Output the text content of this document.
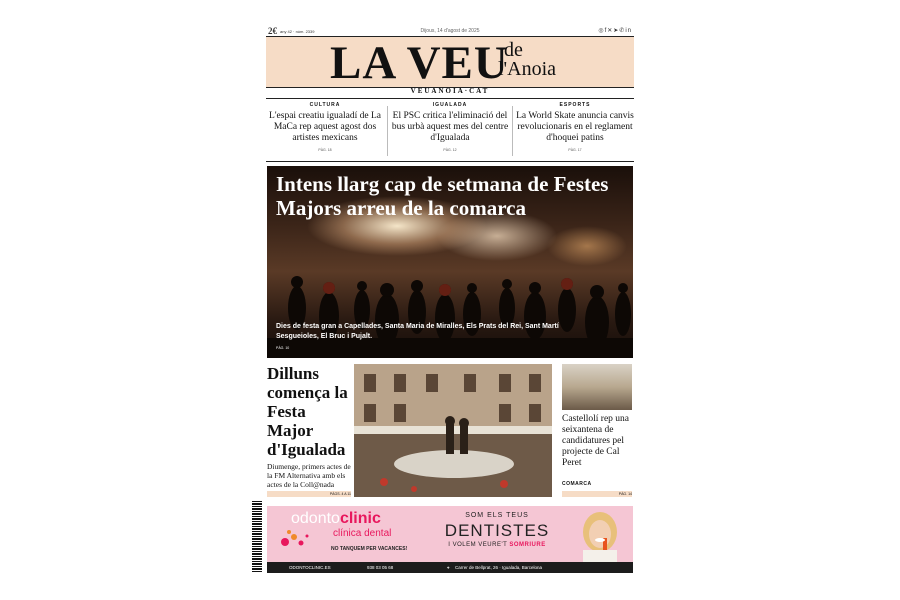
2€ any 42 · núm. 2339	Dijous, 14 d'agost de 2025	◎f✕➤✆in
LA VEU
de
l'Anoia
VEUANOIA·CAT
CULTURA
L'espai creatiu igualadí de La MaCa rep aquest agost dos artistes mexicans
PÀG. 18
IGUALADA
El PSC critica l'eliminació del bus urbà aquest mes del centre d'Igualada
PÀG. 12
ESPORTS
La World Skate anuncia canvis revolucionaris en el reglament d'hoquei patins
PÀG. 17
Intens llarg cap de setmana de Festes Majors arreu de la comarca
Dies de festa gran a Capellades, Santa Maria de Miralles, Els Prats del Rei, Sant Martí Sesgueioles, El Bruc i Pujalt.
PÀG. 10
Dilluns comença la Festa Major d'Igualada
Diumenge, primers actes de la FM Alternativa amb els actes de la Coll@nada
PÀGS. 4 A 11
Castellolí rep una seixantena de candidatures pel projecte de Cal Peret
COMARCA
PÀG. 14
odontoclinic
clínica dental
NO TANQUEM PER VACANCES!
SOM ELS TEUS
DENTISTES
I VOLEM VEURE'T SOMRIURE
ODONTOCLINIC.ES	938 03 05 68	⌖ Carrer de Bellprat, 26 · Igualada, Barcelona
